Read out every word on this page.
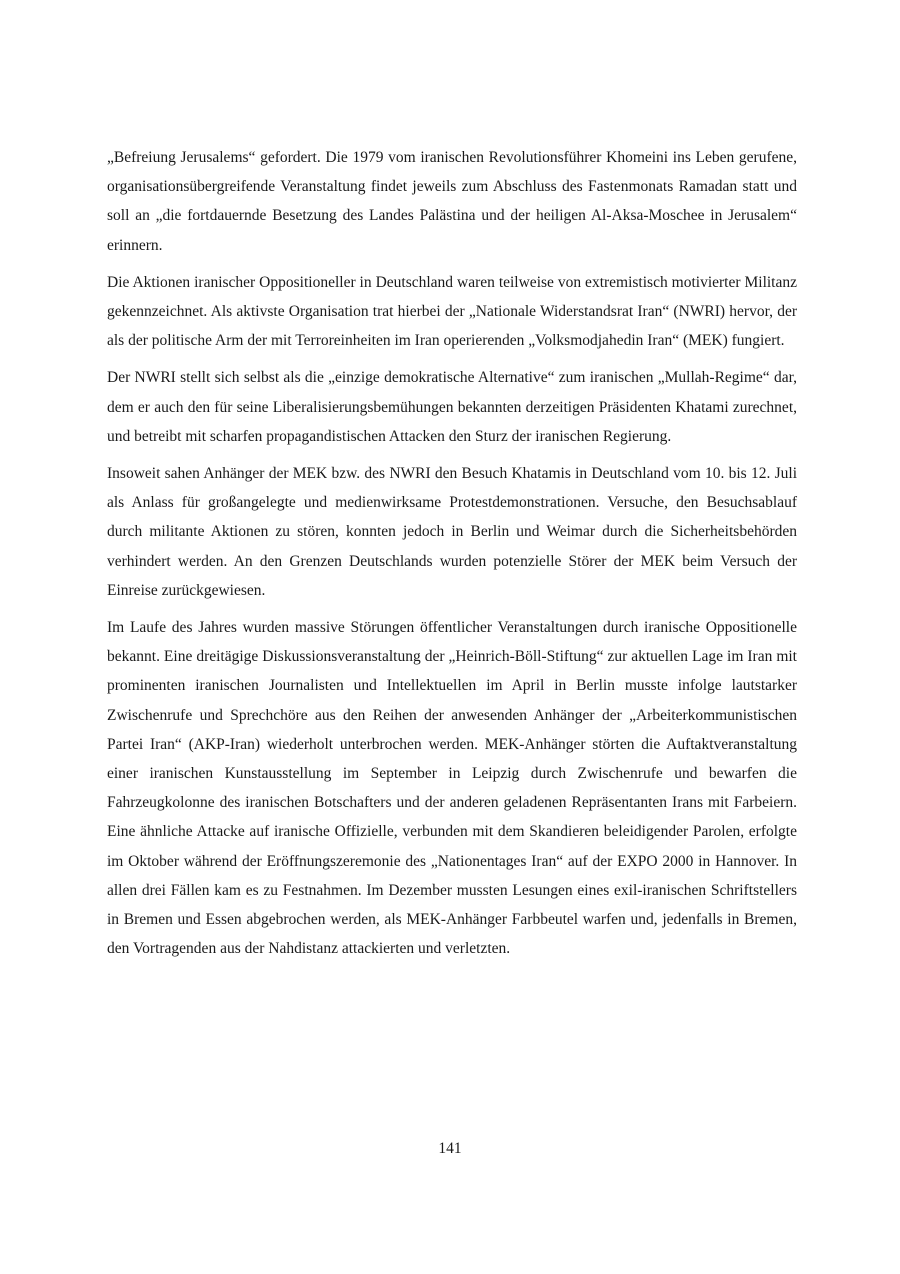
„Befreiung Jerusalems“ gefordert. Die 1979 vom iranischen Revolutionsführer Khomeini ins Leben gerufene, organisationsübergreifende Veranstaltung findet jeweils zum Abschluss des Fastenmonats Ramadan statt und soll an „die fortdauernde Besetzung des Landes Palästina und der heiligen Al-Aksa-Moschee in Jerusalem“ erinnern.

Die Aktionen iranischer Oppositioneller in Deutschland waren teilweise von extremistisch motivierter Militanz gekennzeichnet. Als aktivste Organisation trat hierbei der „Nationale Widerstandsrat Iran“ (NWRI) hervor, der als der politische Arm der mit Terroreinheiten im Iran operierenden „Volksmodjahedin Iran“ (MEK) fungiert.

Der NWRI stellt sich selbst als die „einzige demokratische Alternative“ zum iranischen „Mullah-Regime“ dar, dem er auch den für seine Liberalisierungsbemühungen bekannten derzeitigen Präsidenten Khatami zurechnet, und betreibt mit scharfen propagandistischen Attacken den Sturz der iranischen Regierung.

Insoweit sahen Anhänger der MEK bzw. des NWRI den Besuch Khatamis in Deutschland vom 10. bis 12. Juli als Anlass für großangelegte und medienwirksame Protestdemonstrationen. Versuche, den Besuchsablauf durch militante Aktionen zu stören, konnten jedoch in Berlin und Weimar durch die Sicherheitsbehörden verhindert werden. An den Grenzen Deutschlands wurden potenzielle Störer der MEK beim Versuch der Einreise zurückgewiesen.

Im Laufe des Jahres wurden massive Störungen öffentlicher Veranstaltungen durch iranische Oppositionelle bekannt. Eine dreitägige Diskussionsveranstaltung der „Heinrich-Böll-Stiftung“ zur aktuellen Lage im Iran mit prominenten iranischen Journalisten und Intellektuellen im April in Berlin musste infolge lautstarker Zwischenrufe und Sprechchöre aus den Reihen der anwesenden Anhänger der „Arbeiterkommunistischen Partei Iran“ (AKP-Iran) wiederholt unterbrochen werden. MEK-Anhänger störten die Auftaktveranstaltung einer iranischen Kunstausstellung im September in Leipzig durch Zwischenrufe und bewarfen die Fahrzeugkolonne des iranischen Botschafters und der anderen geladenen Repräsentanten Irans mit Farbeiern. Eine ähnliche Attacke auf iranische Offizielle, verbunden mit dem Skandieren beleidigender Parolen, erfolgte im Oktober während der Eröffnungszeremonie des „Nationentages Iran“ auf der EXPO 2000 in Hannover. In allen drei Fällen kam es zu Festnahmen. Im Dezember mussten Lesungen eines exil-iranischen Schriftstellers in Bremen und Essen abgebrochen werden, als MEK-Anhänger Farbbeutel warfen und, jedenfalls in Bremen, den Vortragenden aus der Nahdistanz attackierten und verletzten.

141
